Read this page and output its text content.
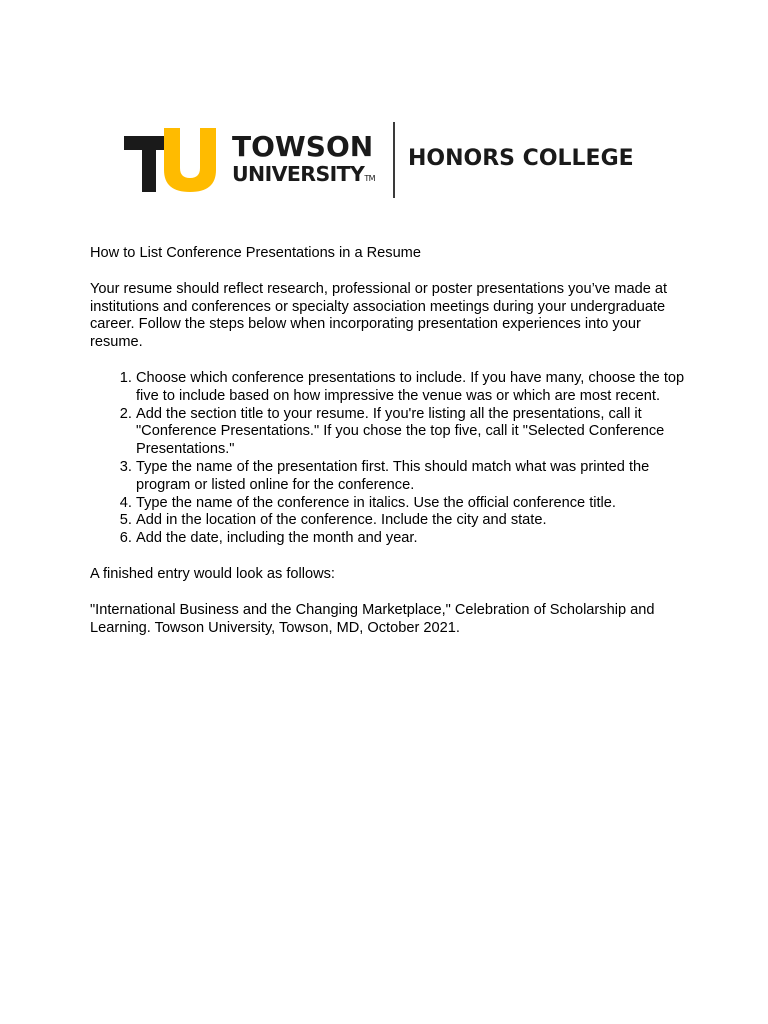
TOWSON
UNIVERSITYTM
HONORS COLLEGE

How to List Conference Presentations in a Resume

Your resume should reflect research, professional or poster presentations you’ve made at institutions and conferences or specialty association meetings during your undergraduate career. Follow the steps below when incorporating presentation experiences into your resume.

1. Choose which conference presentations to include. If you have many, choose the top five to include based on how impressive the venue was or which are most recent.
2. Add the section title to your resume. If you're listing all the presentations, call it "Conference Presentations." If you chose the top five, call it "Selected Conference Presentations."
3. Type the name of the presentation first. This should match what was printed the program or listed online for the conference.
4. Type the name of the conference in italics. Use the official conference title.
5. Add in the location of the conference. Include the city and state.
6. Add the date, including the month and year.

A finished entry would look as follows:

"International Business and the Changing Marketplace," Celebration of Scholarship and Learning. Towson University, Towson, MD, October 2021.
